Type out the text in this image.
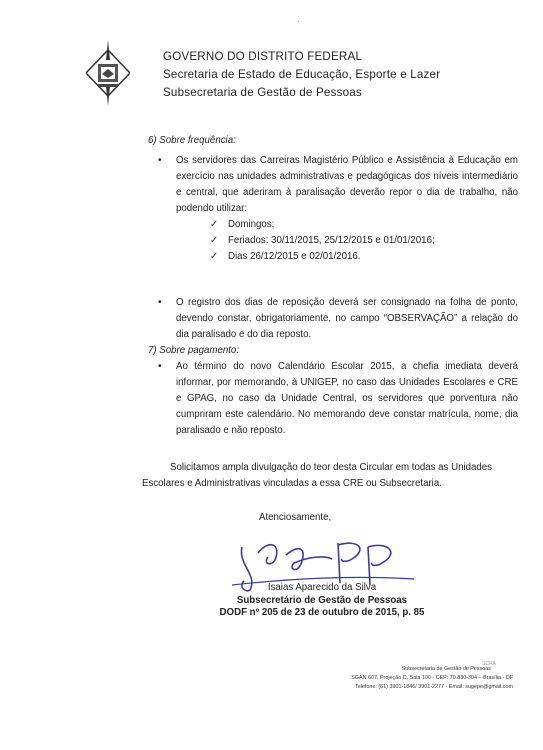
`
GOVERNO DO DISTRITO FEDERAL
Secretaria de Estado de Educação, Esporte e Lazer
Subsecretaria de Gestão de Pessoas

6) Sobre frequência:

• Os servidores das Carreiras Magistério Público e Assistência à Educação em exercício nas unidades administrativas e pedagógicas dos níveis intermediário e central, que aderiram à paralisação deverão repor o dia de trabalho, não podendo utilizar:

✓ Domingos;

✓ Feriados: 30/11/2015, 25/12/2015 e 01/01/2016;

✓ Dias 26/12/2015 e 02/01/2016.

• O registro dos dias de reposição deverá ser consignado na folha de ponto, devendo constar, obrigatoriamente, no campo “OBSERVAÇÃO” a relação do dia paralisado e do dia reposto.

7) Sobre pagamento:

• Ao término do novo Calendário Escolar 2015, a chefia imediata deverá informar, por memorando, à UNIGEP, no caso das Unidades Escolares e CRE e GPAG, no caso da Unidade Central, os servidores que porventura não cumpriram este calendário. No memorando deve constar matrícula, nome, dia paralisado e não reposto.

Solicitamos ampla divulgação do teor desta Circular em todas as Unidades

Escolares e Administrativas vinculadas a essa CRE ou Subsecretaria.

Atenciosamente,
Isaias Aparecido da Silva
Subsecretário de Gestão de Pessoas
DODF nº 205 de 23 de outubro de 2015, p. 85
SCRA
Subsecretaria de Gestão de Pessoas
SGAN 607, Projeção D, Sala 100 - CEP: 70.830-304 – Brasília - DF
Telefone: (61) 3901-1846/ 3901-2277 - Email: sugepe@gmail.com
